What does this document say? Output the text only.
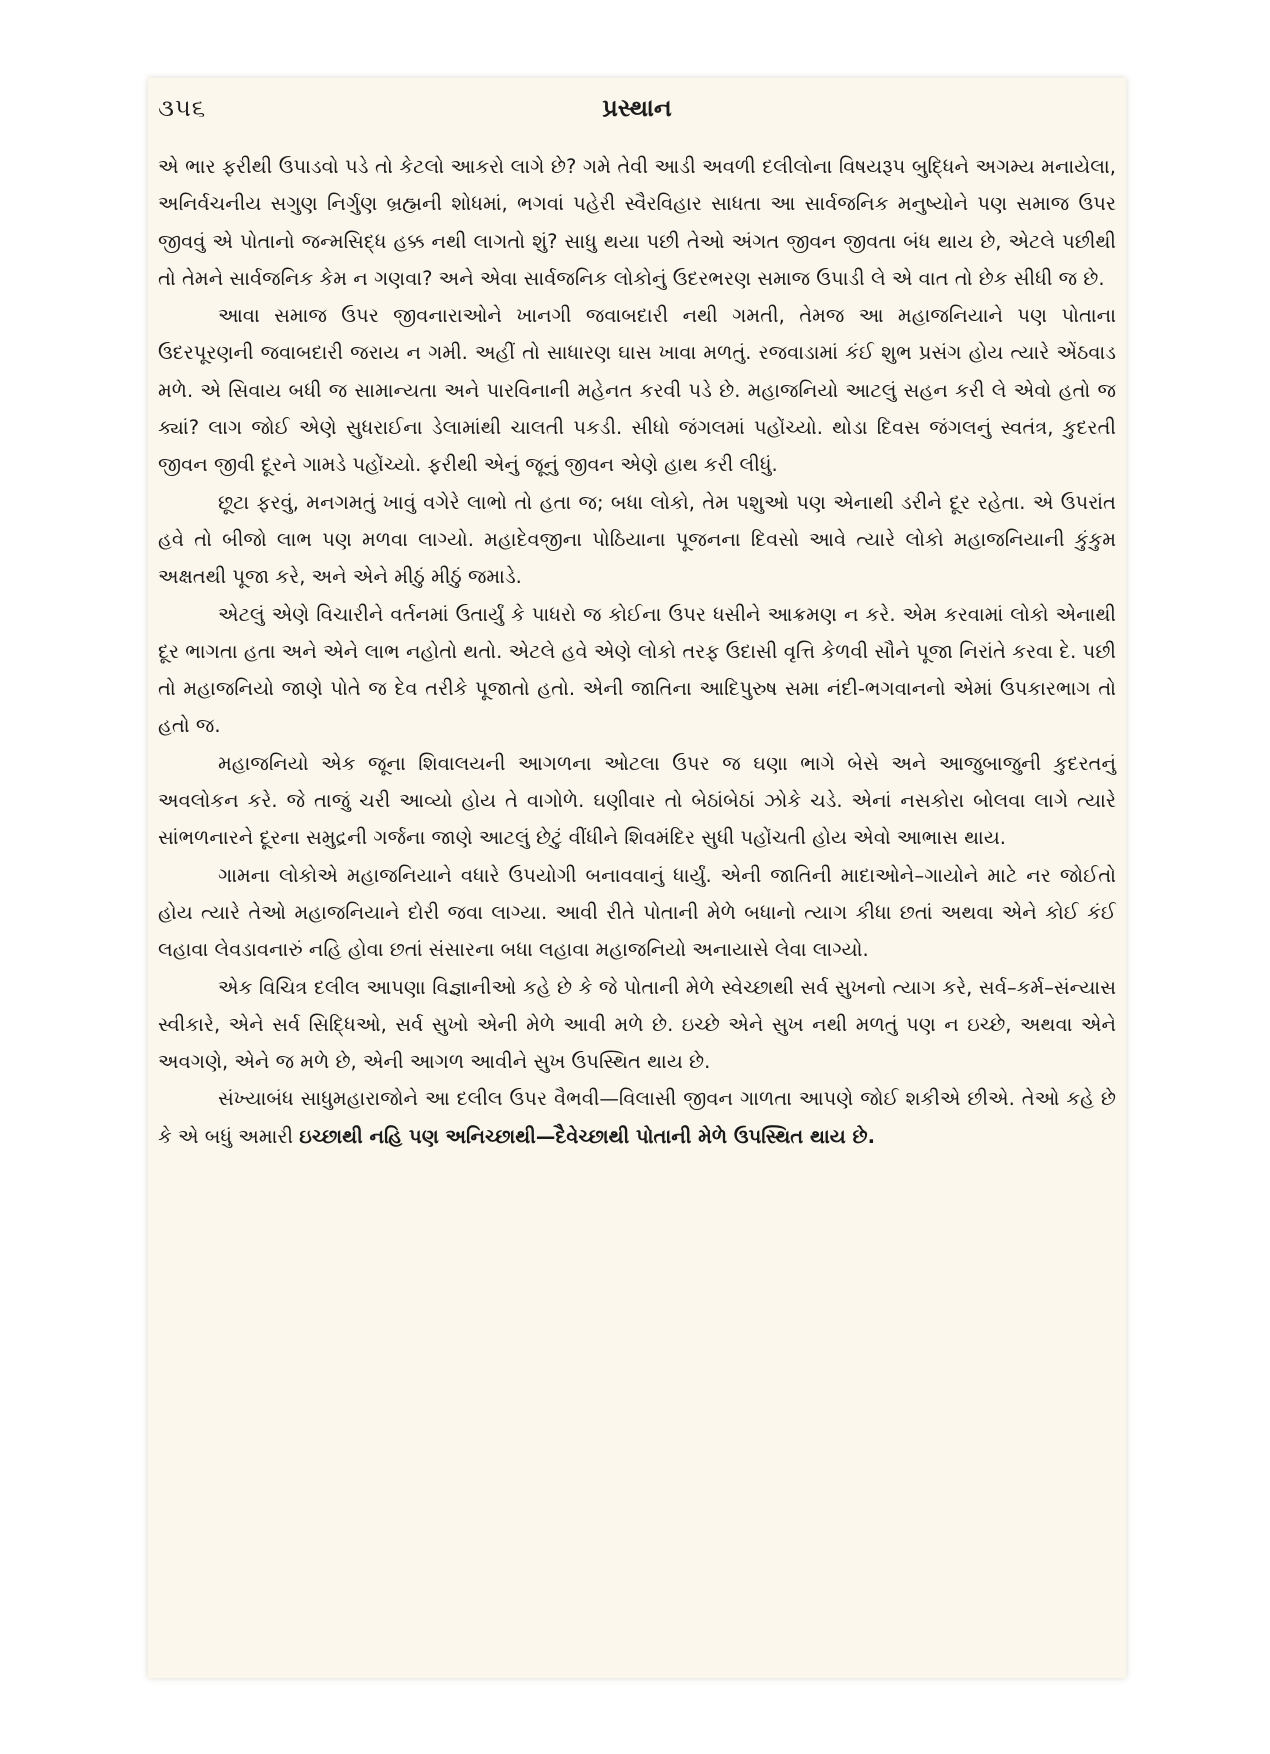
૩૫૬	પ્રસ્થાન

એ ભાર ફરીથી ઉપાડવો પડે તો કેટલો આકરો લાગે છે? ગમે તેવી આડી અવળી દલીલોના વિષયરૂપ બુદ્ધિને અગમ્ય મનાયેલા, અનિર્વચનીય સગુણ નિર્ગુણ બ્રહ્મની શોધમાં, ભગવાં પહેરી સ્વૈરવિહાર સાધતા આ સાર્વજનિક મનુષ્યોને પણ સમાજ ઉપર જીવવું એ પોતાનો જન્મસિદ્ધ હક્ક નથી લાગતો શું? સાધુ થયા પછી તેઓ અંગત જીવન જીવતા બંધ થાય છે, એટલે પછીથી તો તેમને સાર્વજનિક કેમ ન ગણવા? અને એવા સાર્વજનિક લોકોનું ઉદરભરણ સમાજ ઉપાડી લે એ વાત તો છેક સીધી જ છે.

આવા સમાજ ઉપર જીવનારાઓને ખાનગી જવાબદારી નથી ગમતી, તેમજ આ મહાજનિયાને પણ પોતાના ઉદરપૂરણની જવાબદારી જરાય ન ગમી. અહીં તો સાધારણ ઘાસ ખાવા મળતું. રજવાડામાં કંઈ શુભ પ્રસંગ હોય ત્યારે એંઠવાડ મળે. એ સિવાય બધી જ સામાન્યતા અને પારવિનાની મહેનત કરવી પડે છે. મહાજનિયો આટલું સહન કરી લે એવો હતો જ ક્યાં? લાગ જોઈ એણે સુધરાઈના ડેલામાંથી ચાલતી પકડી. સીધો જંગલમાં પહોંચ્યો. થોડા દિવસ જંગલનું સ્વતંત્ર, કુદરતી જીવન જીવી દૂરને ગામડે પહોંચ્યો. ફરીથી એનું જૂનું જીવન એણે હાથ કરી લીધું.

છૂટા ફરવું, મનગમતું ખાવું વગેરે લાભો તો હતા જ; બધા લોકો, તેમ પશુઓ પણ એનાથી ડરીને દૂર રહેતા. એ ઉપરાંત હવે તો બીજો લાભ પણ મળવા લાગ્યો. મહાદેવજીના પોઠિયાના પૂજનના દિવસો આવે ત્યારે લોકો મહાજનિયાની કુંકુમ અક્ષતથી પૂજા કરે, અને એને મીઠું મીઠું જમાડે.

એટલું એણે વિચારીને વર્તનમાં ઉતાર્યું કે પાધરો જ કોઈના ઉપર ધસીને આક્રમણ ન કરે. એમ કરવામાં લોકો એનાથી દૂર ભાગતા હતા અને એને લાભ નહોતો થતો. એટલે હવે એણે લોકો તરફ ઉદાસી વૃત્તિ કેળવી સૌને પૂજા નિરાંતે કરવા દે. પછી તો મહાજનિયો જાણે પોતે જ દેવ તરીકે પૂજાતો હતો. એની જાતિના આદિપુરુષ સમા નંદી-ભગવાનનો એમાં ઉપકારભાગ તો હતો જ.

મહાજનિયો એક જૂના શિવાલયની આગળના ઓટલા ઉપર જ ઘણા ભાગે બેસે અને આજુબાજુની કુદરતનું અવલોકન કરે. જે તાજું ચરી આવ્યો હોય તે વાગોળે. ઘણીવાર તો બેઠાંબેઠાં ઝોકે ચડે. એનાં નસકોરા બોલવા લાગે ત્યારે સાંભળનારને દૂરના સમુદ્રની ગર્જના જાણે આટલું છેટું વીંધીને શિવમંદિર સુધી પહોંચતી હોય એવો આભાસ થાય.

ગામના લોકોએ મહાજનિયાને વધારે ઉપયોગી બનાવવાનું ધાર્યું. એની જાતિની માદાઓને–ગાયોને માટે નર જોઈતો હોય ત્યારે તેઓ મહાજનિયાને દોરી જવા લાગ્યા. આવી રીતે પોતાની મેળે બધાનો ત્યાગ કીધા છતાં અથવા એને કોઈ કંઈ લહાવા લેવડાવનારું નહિ હોવા છતાં સંસારના બધા લહાવા મહાજનિયો અનાયાસે લેવા લાગ્યો.

એક વિચિત્ર દલીલ આપણા વિજ્ઞાનીઓ કહે છે કે જે પોતાની મેળે સ્વેચ્છાથી સર્વ સુખનો ત્યાગ કરે, સર્વ–કર્મ–સંન્યાસ સ્વીકારે, એને સર્વ સિદ્ધિઓ, સર્વ સુખો એની મેળે આવી મળે છે. ઇચ્છે એને સુખ નથી મળતું પણ ન ઇચ્છે, અથવા એને અવગણે, એને જ મળે છે, એની આગળ આવીને સુખ ઉપસ્થિત થાય છે.

સંખ્યાબંધ સાધુમહારાજોને આ દલીલ ઉપર વૈભવી—વિલાસી જીવન ગાળતા આપણે જોઈ શકીએ છીએ. તેઓ કહે છે કે એ બધું અમારી ઇચ્છાથી નહિ પણ અનિચ્છાથી—દૈવેચ્છાથી પોતાની મેળે ઉપસ્થિત થાય છે.
